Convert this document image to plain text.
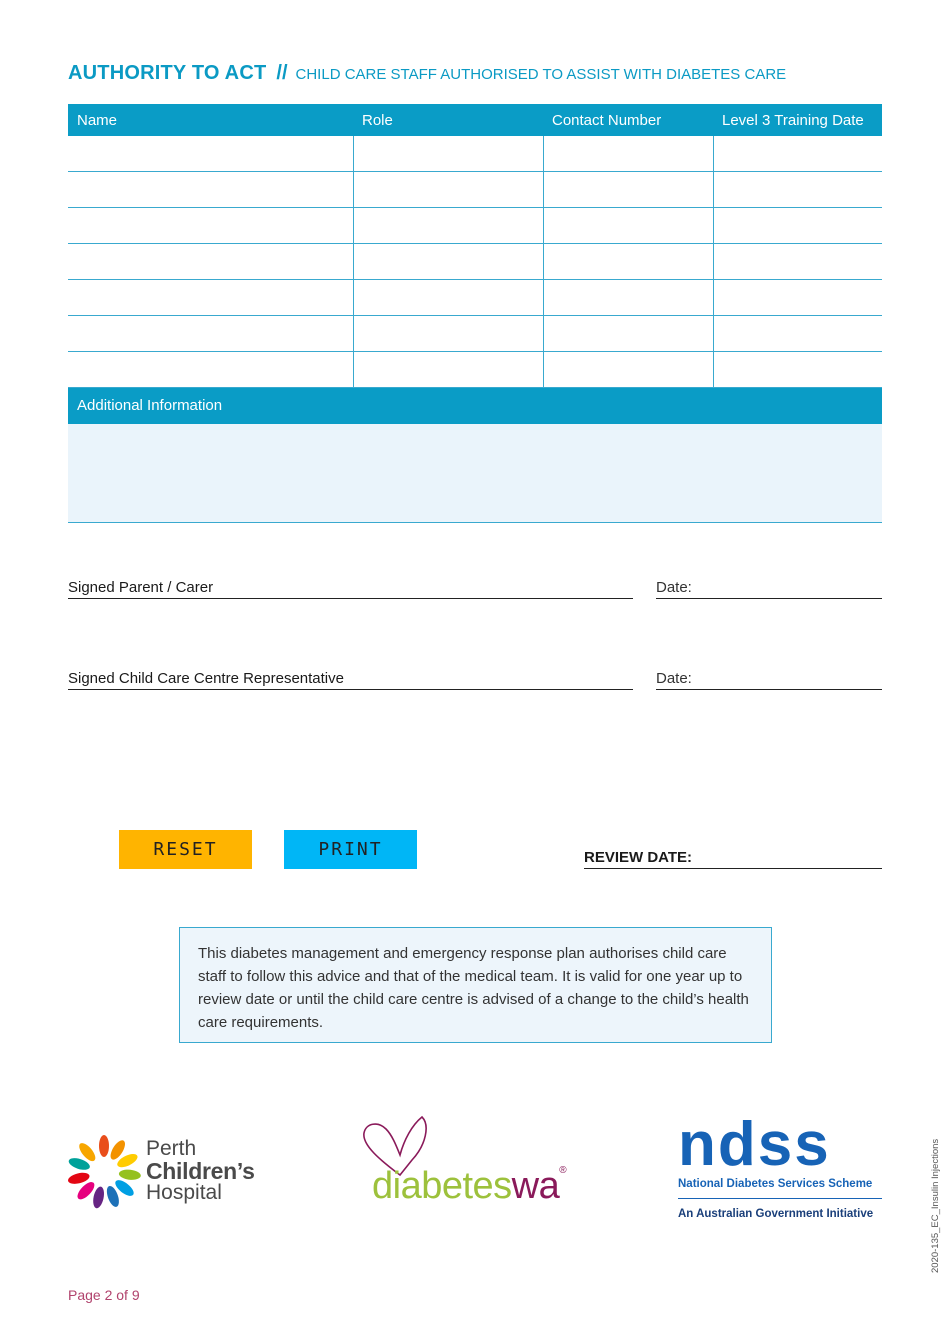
AUTHORITY TO ACT // CHILD CARE STAFF AUTHORISED TO ASSIST WITH DIABETES CARE
Name	Role	Contact Number	Level 3 Training Date

Additional Information
Signed Parent / Carer	Date:
Signed Child Care Centre Representative	Date:
RESET	PRINT	REVIEW DATE:
This diabetes management and emergency response plan authorises child care staff to follow this advice and that of the medical team. It is valid for one year up to review date or until the child care centre is advised of a change to the child’s health care requirements.
Perth
Children’s
Hospital	diabeteswa® ndss
National Diabetes Services Scheme
An Australian Government Initiative	2020-135_EC_Insulin Injections
Page 2 of 9
